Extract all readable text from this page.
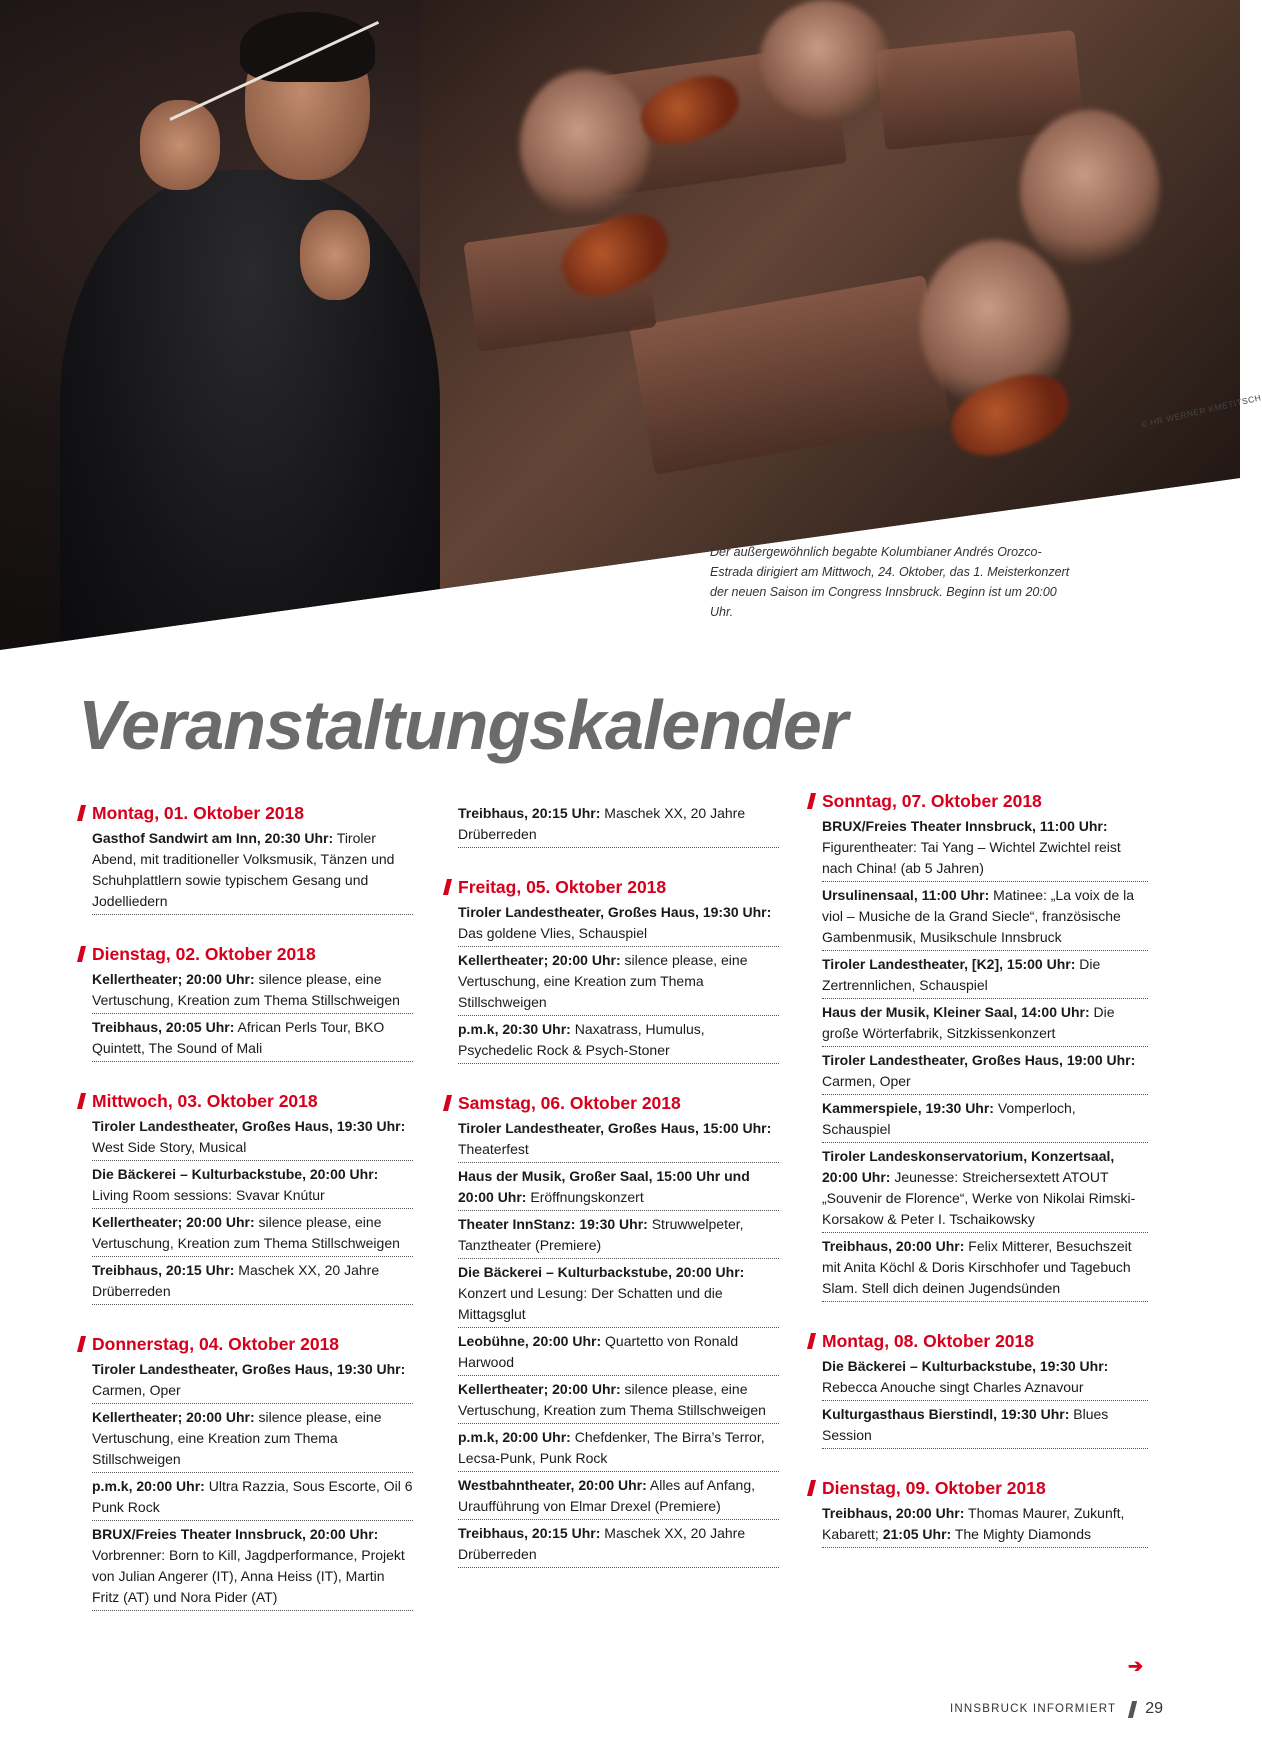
© HR WERNER KMETITSCH
Der außergewöhnlich begabte Kolumbianer Andrés Orozco-Estrada dirigiert am Mittwoch, 24. Oktober, das 1. Meisterkonzert der neuen Saison im Congress Innsbruck. Beginn ist um 20:00 Uhr.
Veranstaltungskalender
Montag, 01. Oktober 2018
Gasthof Sandwirt am Inn, 20:30 Uhr: Tiroler Abend, mit traditioneller Volksmusik, Tänzen und Schuhplattlern sowie typischem Gesang und Jodelliedern
Dienstag, 02. Oktober 2018
Kellertheater; 20:00 Uhr: silence please, eine Vertuschung, Kreation zum Thema Stillschweigen
Treibhaus, 20:05 Uhr: African Perls Tour, BKO Quintett, The Sound of Mali
Mittwoch, 03. Oktober 2018
Tiroler Landestheater, Großes Haus, 19:30 Uhr: West Side Story, Musical
Die Bäckerei – Kulturbackstube, 20:00 Uhr: Living Room sessions: Svavar Knútur
Kellertheater; 20:00 Uhr: silence please, eine Vertuschung, Kreation zum Thema Stillschweigen
Treibhaus, 20:15 Uhr: Maschek XX, 20 Jahre Drüberreden
Donnerstag, 04. Oktober 2018
Tiroler Landestheater, Großes Haus, 19:30 Uhr: Carmen, Oper
Kellertheater; 20:00 Uhr: silence please, eine Vertuschung, eine Kreation zum Thema Stillschweigen
p.m.k, 20:00 Uhr: Ultra Razzia, Sous Escorte, Oil 6 Punk Rock
BRUX/Freies Theater Innsbruck, 20:00 Uhr: Vorbrenner: Born to Kill, Jagdperformance, Projekt von Julian Angerer (IT), Anna Heiss (IT), Martin Fritz (AT) und Nora Pider (AT)
Treibhaus, 20:15 Uhr: Maschek XX, 20 Jahre Drüberreden
Freitag, 05. Oktober 2018
Tiroler Landestheater, Großes Haus, 19:30 Uhr: Das goldene Vlies, Schauspiel
Kellertheater; 20:00 Uhr: silence please, eine Vertuschung, eine Kreation zum Thema Stillschweigen
p.m.k, 20:30 Uhr: Naxatrass, Humulus, Psychedelic Rock & Psych-Stoner
Samstag, 06. Oktober 2018
Tiroler Landestheater, Großes Haus, 15:00 Uhr: Theaterfest
Haus der Musik, Großer Saal, 15:00 Uhr und 20:00 Uhr: Eröffnungskonzert
Theater InnStanz: 19:30 Uhr: Struwwelpeter, Tanztheater (Premiere)
Die Bäckerei – Kulturbackstube, 20:00 Uhr: Konzert und Lesung: Der Schatten und die Mittagsglut
Leobühne, 20:00 Uhr: Quartetto von Ronald Harwood
Kellertheater; 20:00 Uhr: silence please, eine Vertuschung, Kreation zum Thema Stillschweigen
p.m.k, 20:00 Uhr: Chefdenker, The Birra’s Terror, Lecsa-Punk, Punk Rock
Westbahntheater, 20:00 Uhr: Alles auf Anfang, Uraufführung von Elmar Drexel (Premiere)
Treibhaus, 20:15 Uhr: Maschek XX, 20 Jahre Drüberreden
Sonntag, 07. Oktober 2018
BRUX/Freies Theater Innsbruck, 11:00 Uhr: Figurentheater: Tai Yang – Wichtel Zwichtel reist nach China! (ab 5 Jahren)
Ursulinensaal, 11:00 Uhr: Matinee: „La voix de la viol – Musiche de la Grand Siecle“, französische Gambenmusik, Musikschule Innsbruck
Tiroler Landestheater, [K2], 15:00 Uhr: Die Zertrennlichen, Schauspiel
Haus der Musik, Kleiner Saal, 14:00 Uhr: Die große Wörterfabrik, Sitzkissenkonzert
Tiroler Landestheater, Großes Haus, 19:00 Uhr: Carmen, Oper
Kammerspiele, 19:30 Uhr: Vomperloch, Schauspiel
Tiroler Landeskonservatorium, Konzertsaal, 20:00 Uhr: Jeunesse: Streichersextett ATOUT „Souvenir de Florence“, Werke von Nikolai Rimski-Korsakow & Peter I. Tschaikowsky
Treibhaus, 20:00 Uhr: Felix Mitterer, Besuchszeit mit Anita Köchl & Doris Kirschhofer und Tagebuch Slam. Stell dich deinen Jugendsünden
Montag, 08. Oktober 2018
Die Bäckerei – Kulturbackstube, 19:30 Uhr: Rebecca Anouche singt Charles Aznavour
Kulturgasthaus Bierstindl, 19:30 Uhr: Blues Session
Dienstag, 09. Oktober 2018
Treibhaus, 20:00 Uhr: Thomas Maurer, Zukunft, Kabarett; 21:05 Uhr: The Mighty Diamonds
➔
INNSBRUCK INFORMIERT 29
